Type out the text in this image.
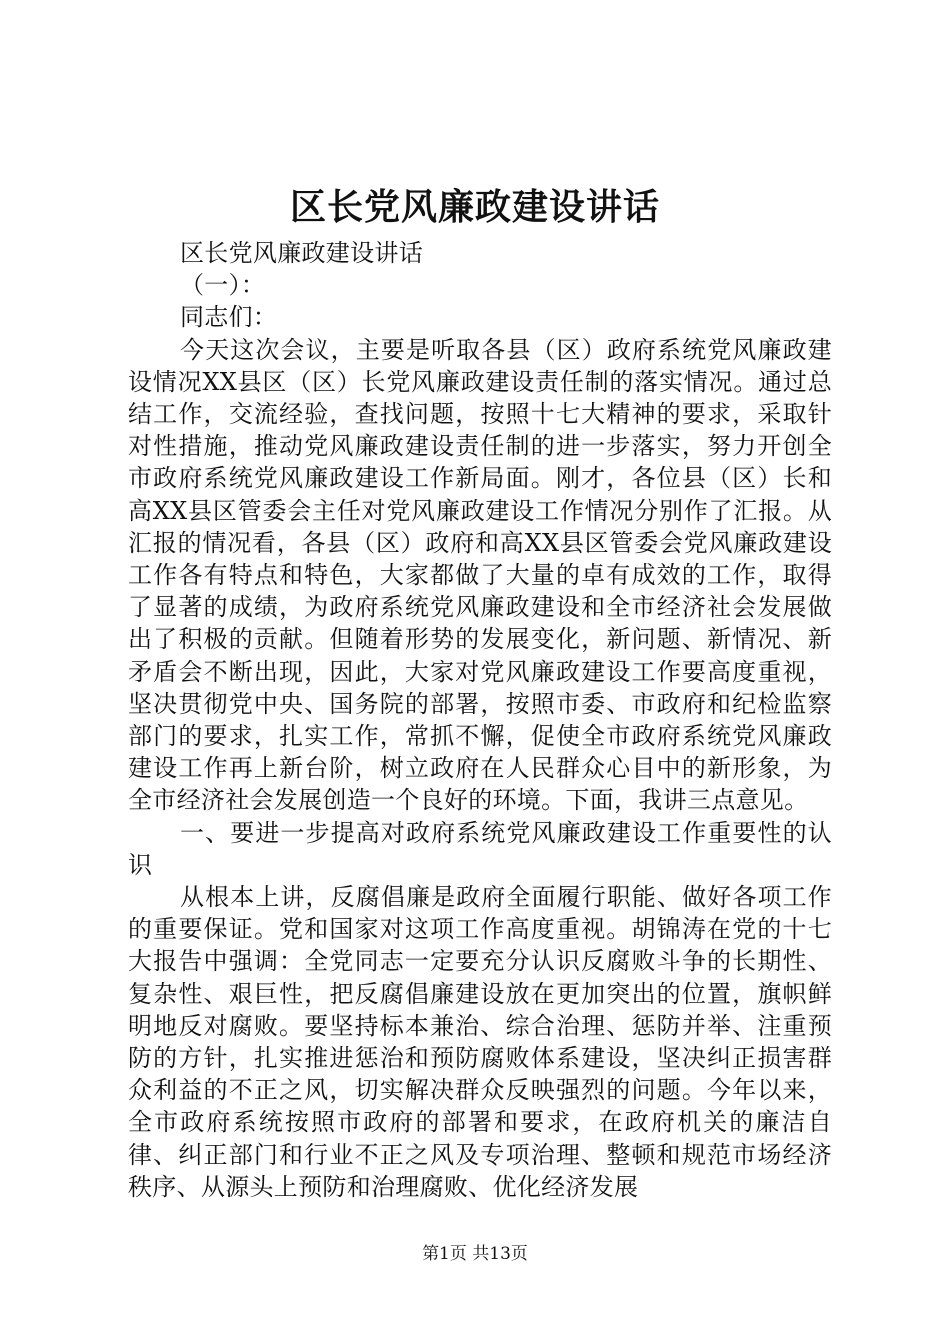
区长党风廉政建设讲话

区长党风廉政建设讲话

（一）：

同志们：

今天这次会议，主要是听取各县（区）政府系统党风廉政建设情况XX县区（区）长党风廉政建设责任制的落实情况。通过总结工作，交流经验，查找问题，按照十七大精神的要求，采取针对性措施，推动党风廉政建设责任制的进一步落实，努力开创全市政府系统党风廉政建设工作新局面。刚才，各位县（区）长和高XX县区管委会主任对党风廉政建设工作情况分别作了汇报。从汇报的情况看，各县（区）政府和高XX县区管委会党风廉政建设工作各有特点和特色，大家都做了大量的卓有成效的工作，取得了显著的成绩，为政府系统党风廉政建设和全市经济社会发展做出了积极的贡献。但随着形势的发展变化，新问题、新情况、新矛盾会不断出现，因此，大家对党风廉政建设工作要高度重视，坚决贯彻党中央、国务院的部署，按照市委、市政府和纪检监察部门的要求，扎实工作，常抓不懈，促使全市政府系统党风廉政建设工作再上新台阶，树立政府在人民群众心目中的新形象，为全市经济社会发展创造一个良好的环境。下面，我讲三点意见。

一、要进一步提高对政府系统党风廉政建设工作重要性的认识

从根本上讲，反腐倡廉是政府全面履行职能、做好各项工作的重要保证。党和国家对这项工作高度重视。胡锦涛在党的十七大报告中强调：全党同志一定要充分认识反腐败斗争的长期性、复杂性、艰巨性，把反腐倡廉建设放在更加突出的位置，旗帜鲜明地反对腐败。要坚持标本兼治、综合治理、惩防并举、注重预防的方针，扎实推进惩治和预防腐败体系建设，坚决纠正损害群众利益的不正之风，切实解决群众反映强烈的问题。今年以来，全市政府系统按照市政府的部署和要求，在政府机关的廉洁自律、纠正部门和行业不正之风及专项治理、整顿和规范市场经济秩序、从源头上预防和治理腐败、优化经济发展

第1页 共13页
